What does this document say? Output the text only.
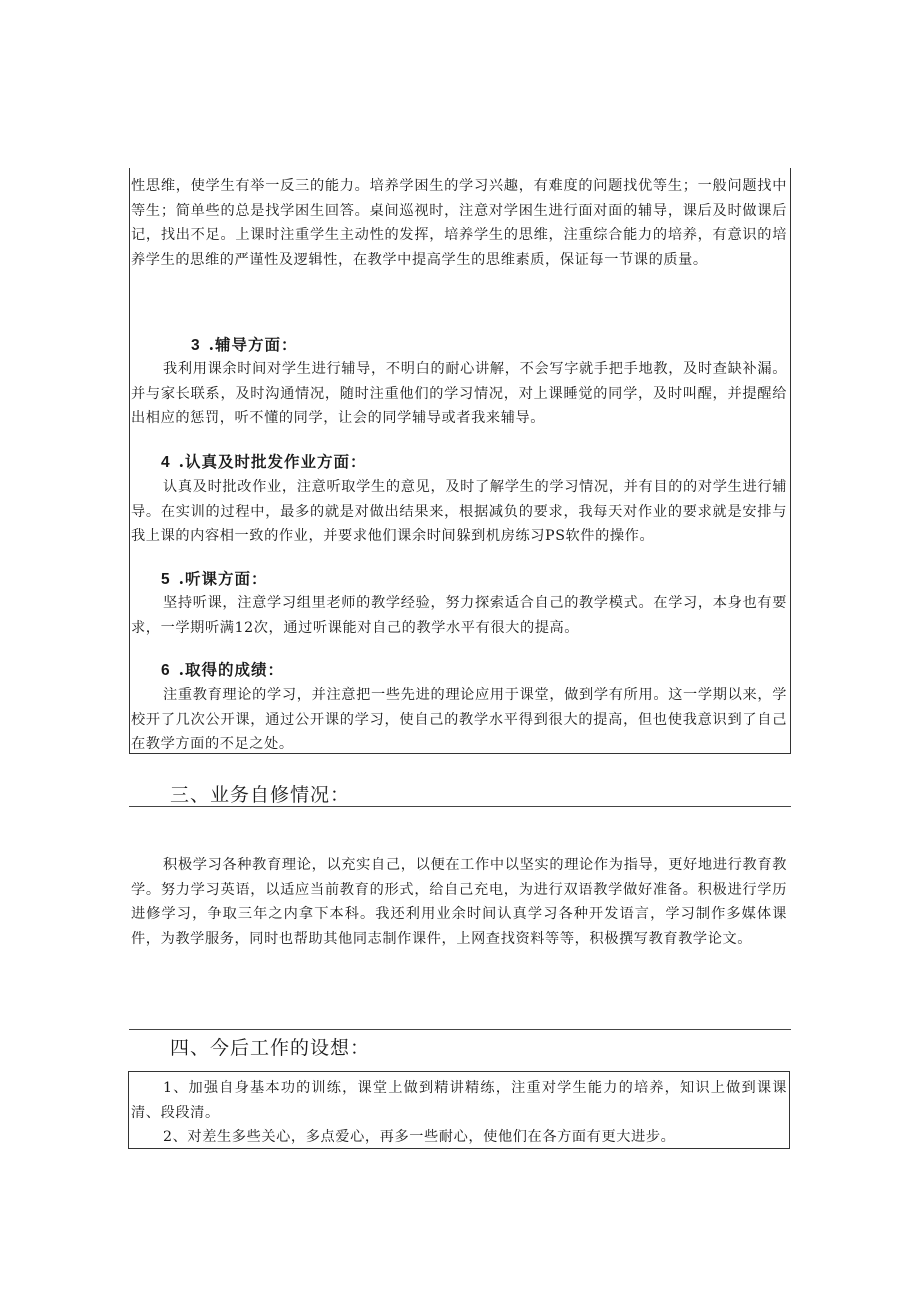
性思维，使学生有举一反三的能力。培养学困生的学习兴趣，有难度的问题找优等生；一般问题找中等生；简单些的总是找学困生回答。桌间巡视时，注意对学困生进行面对面的辅导，课后及时做课后记，找出不足。上课时注重学生主动性的发挥，培养学生的思维，注重综合能力的培养，有意识的培养学生的思维的严谨性及逻辑性，在教学中提高学生的思维素质，保证每一节课的质量。

3 .辅导方面：

我利用课余时间对学生进行辅导，不明白的耐心讲解，不会写字就手把手地教，及时查缺补漏。并与家长联系，及时沟通情况，随时注重他们的学习情况，对上课睡觉的同学，及时叫醒，并提醒给出相应的惩罚，听不懂的同学，让会的同学辅导或者我来辅导。

4 .认真及时批发作业方面：

认真及时批改作业，注意听取学生的意见，及时了解学生的学习情况，并有目的的对学生进行辅导。在实训的过程中，最多的就是对做出结果来，根据减负的要求，我每天对作业的要求就是安排与我上课的内容相一致的作业，并要求他们课余时间躲到机房练习PS软件的操作。

5 .听课方面：

坚持听课，注意学习组里老师的教学经验，努力探索适合自己的教学模式。在学习，本身也有要求，一学期听满12次，通过听课能对自己的教学水平有很大的提高。

6 .取得的成绩：

注重教育理论的学习，并注意把一些先进的理论应用于课堂，做到学有所用。这一学期以来，学校开了几次公开课，通过公开课的学习，使自己的教学水平得到很大的提高，但也使我意识到了自己在教学方面的不足之处。

三、业务自修情况：

积极学习各种教育理论，以充实自己，以便在工作中以坚实的理论作为指导，更好地进行教育教学。努力学习英语，以适应当前教育的形式，给自己充电，为进行双语教学做好准备。积极进行学历进修学习，争取三年之内拿下本科。我还利用业余时间认真学习各种开发语言，学习制作多媒体课件，为教学服务，同时也帮助其他同志制作课件，上网查找资料等等，积极撰写教育教学论文。

四、今后工作的设想：

1、加强自身基本功的训练，课堂上做到精讲精练，注重对学生能力的培养，知识上做到课课清、段段清。

2、对差生多些关心，多点爱心，再多一些耐心，使他们在各方面有更大进步。
